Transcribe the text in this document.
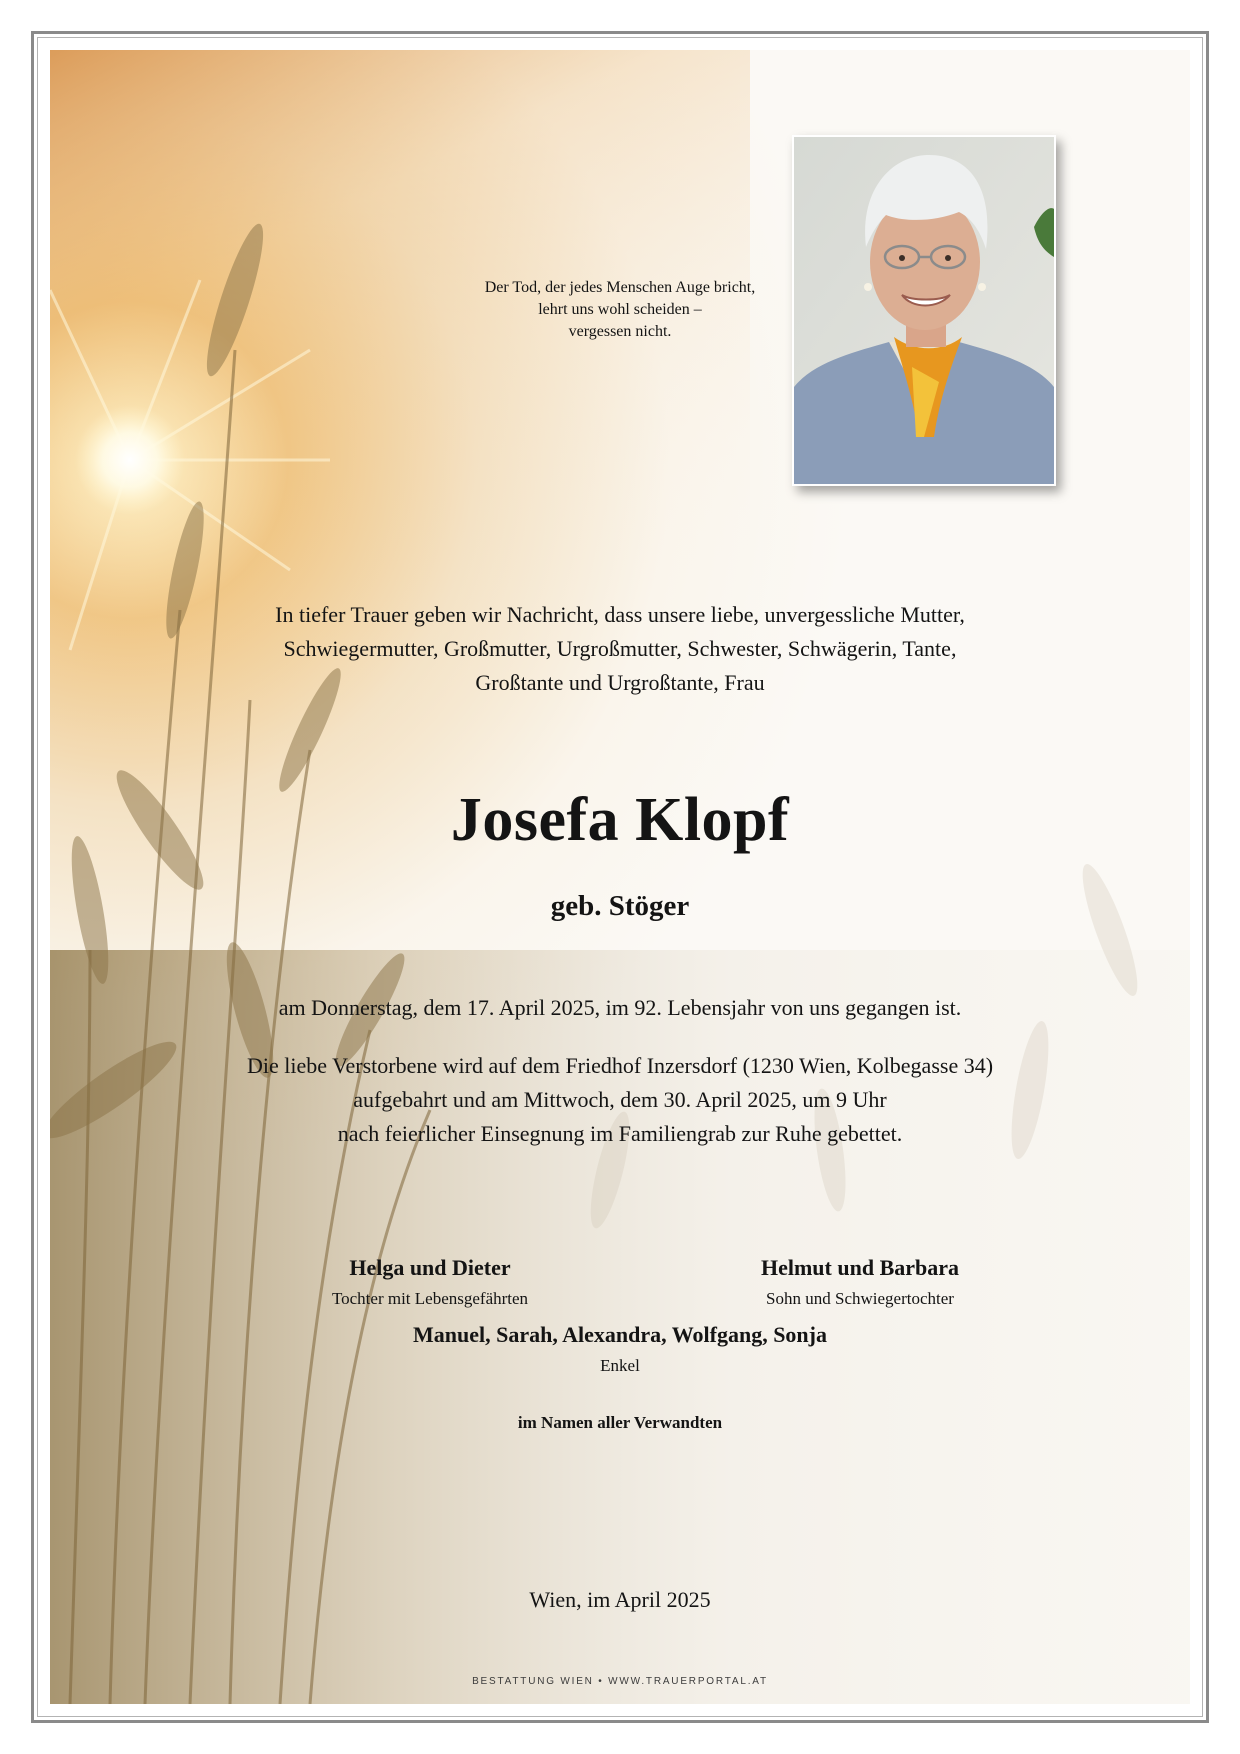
Der Tod, der jedes Menschen Auge bricht,
lehrt uns wohl scheiden –
vergessen nicht.

In tiefer Trauer geben wir Nachricht, dass unsere liebe, unvergessliche Mutter,
Schwiegermutter, Großmutter, Urgroßmutter, Schwester, Schwägerin, Tante,
Großtante und Urgroßtante, Frau

Josefa Klopf

geb. Stöger

am Donnerstag, dem 17. April 2025, im 92. Lebensjahr von uns gegangen ist.

Die liebe Verstorbene wird auf dem Friedhof Inzersdorf (1230 Wien, Kolbegasse 34)
aufgebahrt und am Mittwoch, dem 30. April 2025, um 9 Uhr
nach feierlicher Einsegnung im Familiengrab zur Ruhe gebettet.

Helga und Dieter
Tochter mit Lebensgefährten
Helmut und Barbara
Sohn und Schwiegertochter
Manuel, Sarah, Alexandra, Wolfgang, Sonja
Enkel

im Namen aller Verwandten

Wien, im April 2025

BESTATTUNG WIEN • WWW.TRAUERPORTAL.AT
